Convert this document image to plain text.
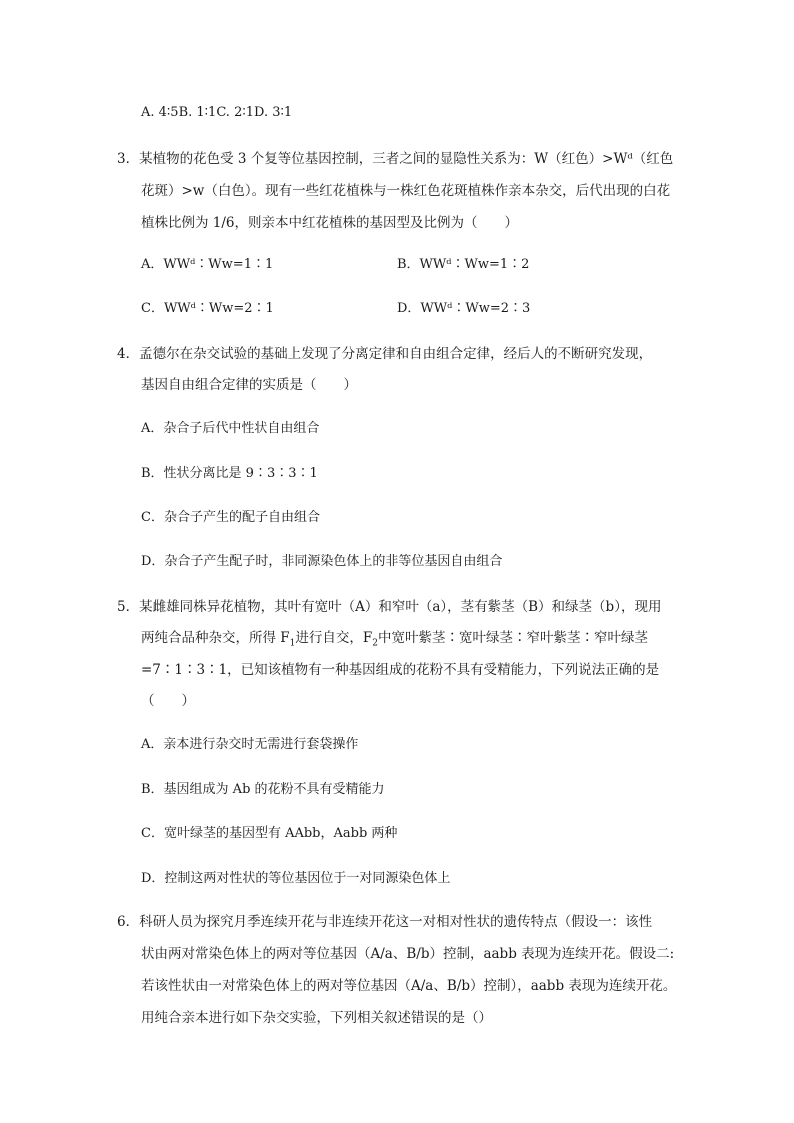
A. 4∶5B. 1∶1C. 2∶1D. 3∶1
3．某植物的花色受 3 个复等位基因控制，三者之间的显隐性关系为：W（红色）>Wᵈ（红色
花斑）>w（白色）。现有一些红花植株与一株红色花斑植株作亲本杂交，后代出现的白花
植株比例为 1/6，则亲本中红花植株的基因型及比例为（　　）
A．WWᵈ∶Ww=1∶1	B．WWᵈ∶Ww=1∶2
C．WWᵈ∶Ww=2∶1	D．WWᵈ∶Ww=2∶3
4．孟德尔在杂交试验的基础上发现了分离定律和自由组合定律，经后人的不断研究发现，
基因自由组合定律的实质是（　　）
A．杂合子后代中性状自由组合
B．性状分离比是 9∶3∶3∶1
C．杂合子产生的配子自由组合
D．杂合子产生配子时，非同源染色体上的非等位基因自由组合
5．某雌雄同株异花植物，其叶有宽叶（A）和窄叶（a），茎有紫茎（B）和绿茎（b），现用
两纯合品种杂交，所得 $F_1$进行自交，$F_2$中宽叶紫茎∶宽叶绿茎∶窄叶紫茎∶窄叶绿茎
=7∶1∶3∶1，已知该植物有一种基因组成的花粉不具有受精能力，下列说法正确的是
（　　）
A．亲本进行杂交时无需进行套袋操作
B．基因组成为 Ab 的花粉不具有受精能力
C．宽叶绿茎的基因型有 AAbb，Aabb 两种
D．控制这两对性状的等位基因位于一对同源染色体上
6．科研人员为探究月季连续开花与非连续开花这一对相对性状的遗传特点（假设一：该性
状由两对常染色体上的两对等位基因（A/a、B/b）控制，aabb 表现为连续开花。假设二:
若该性状由一对常染色体上的两对等位基因（A/a、B/b）控制），aabb 表现为连续开花。
用纯合亲本进行如下杂交实验，下列相关叙述错误的是（）
